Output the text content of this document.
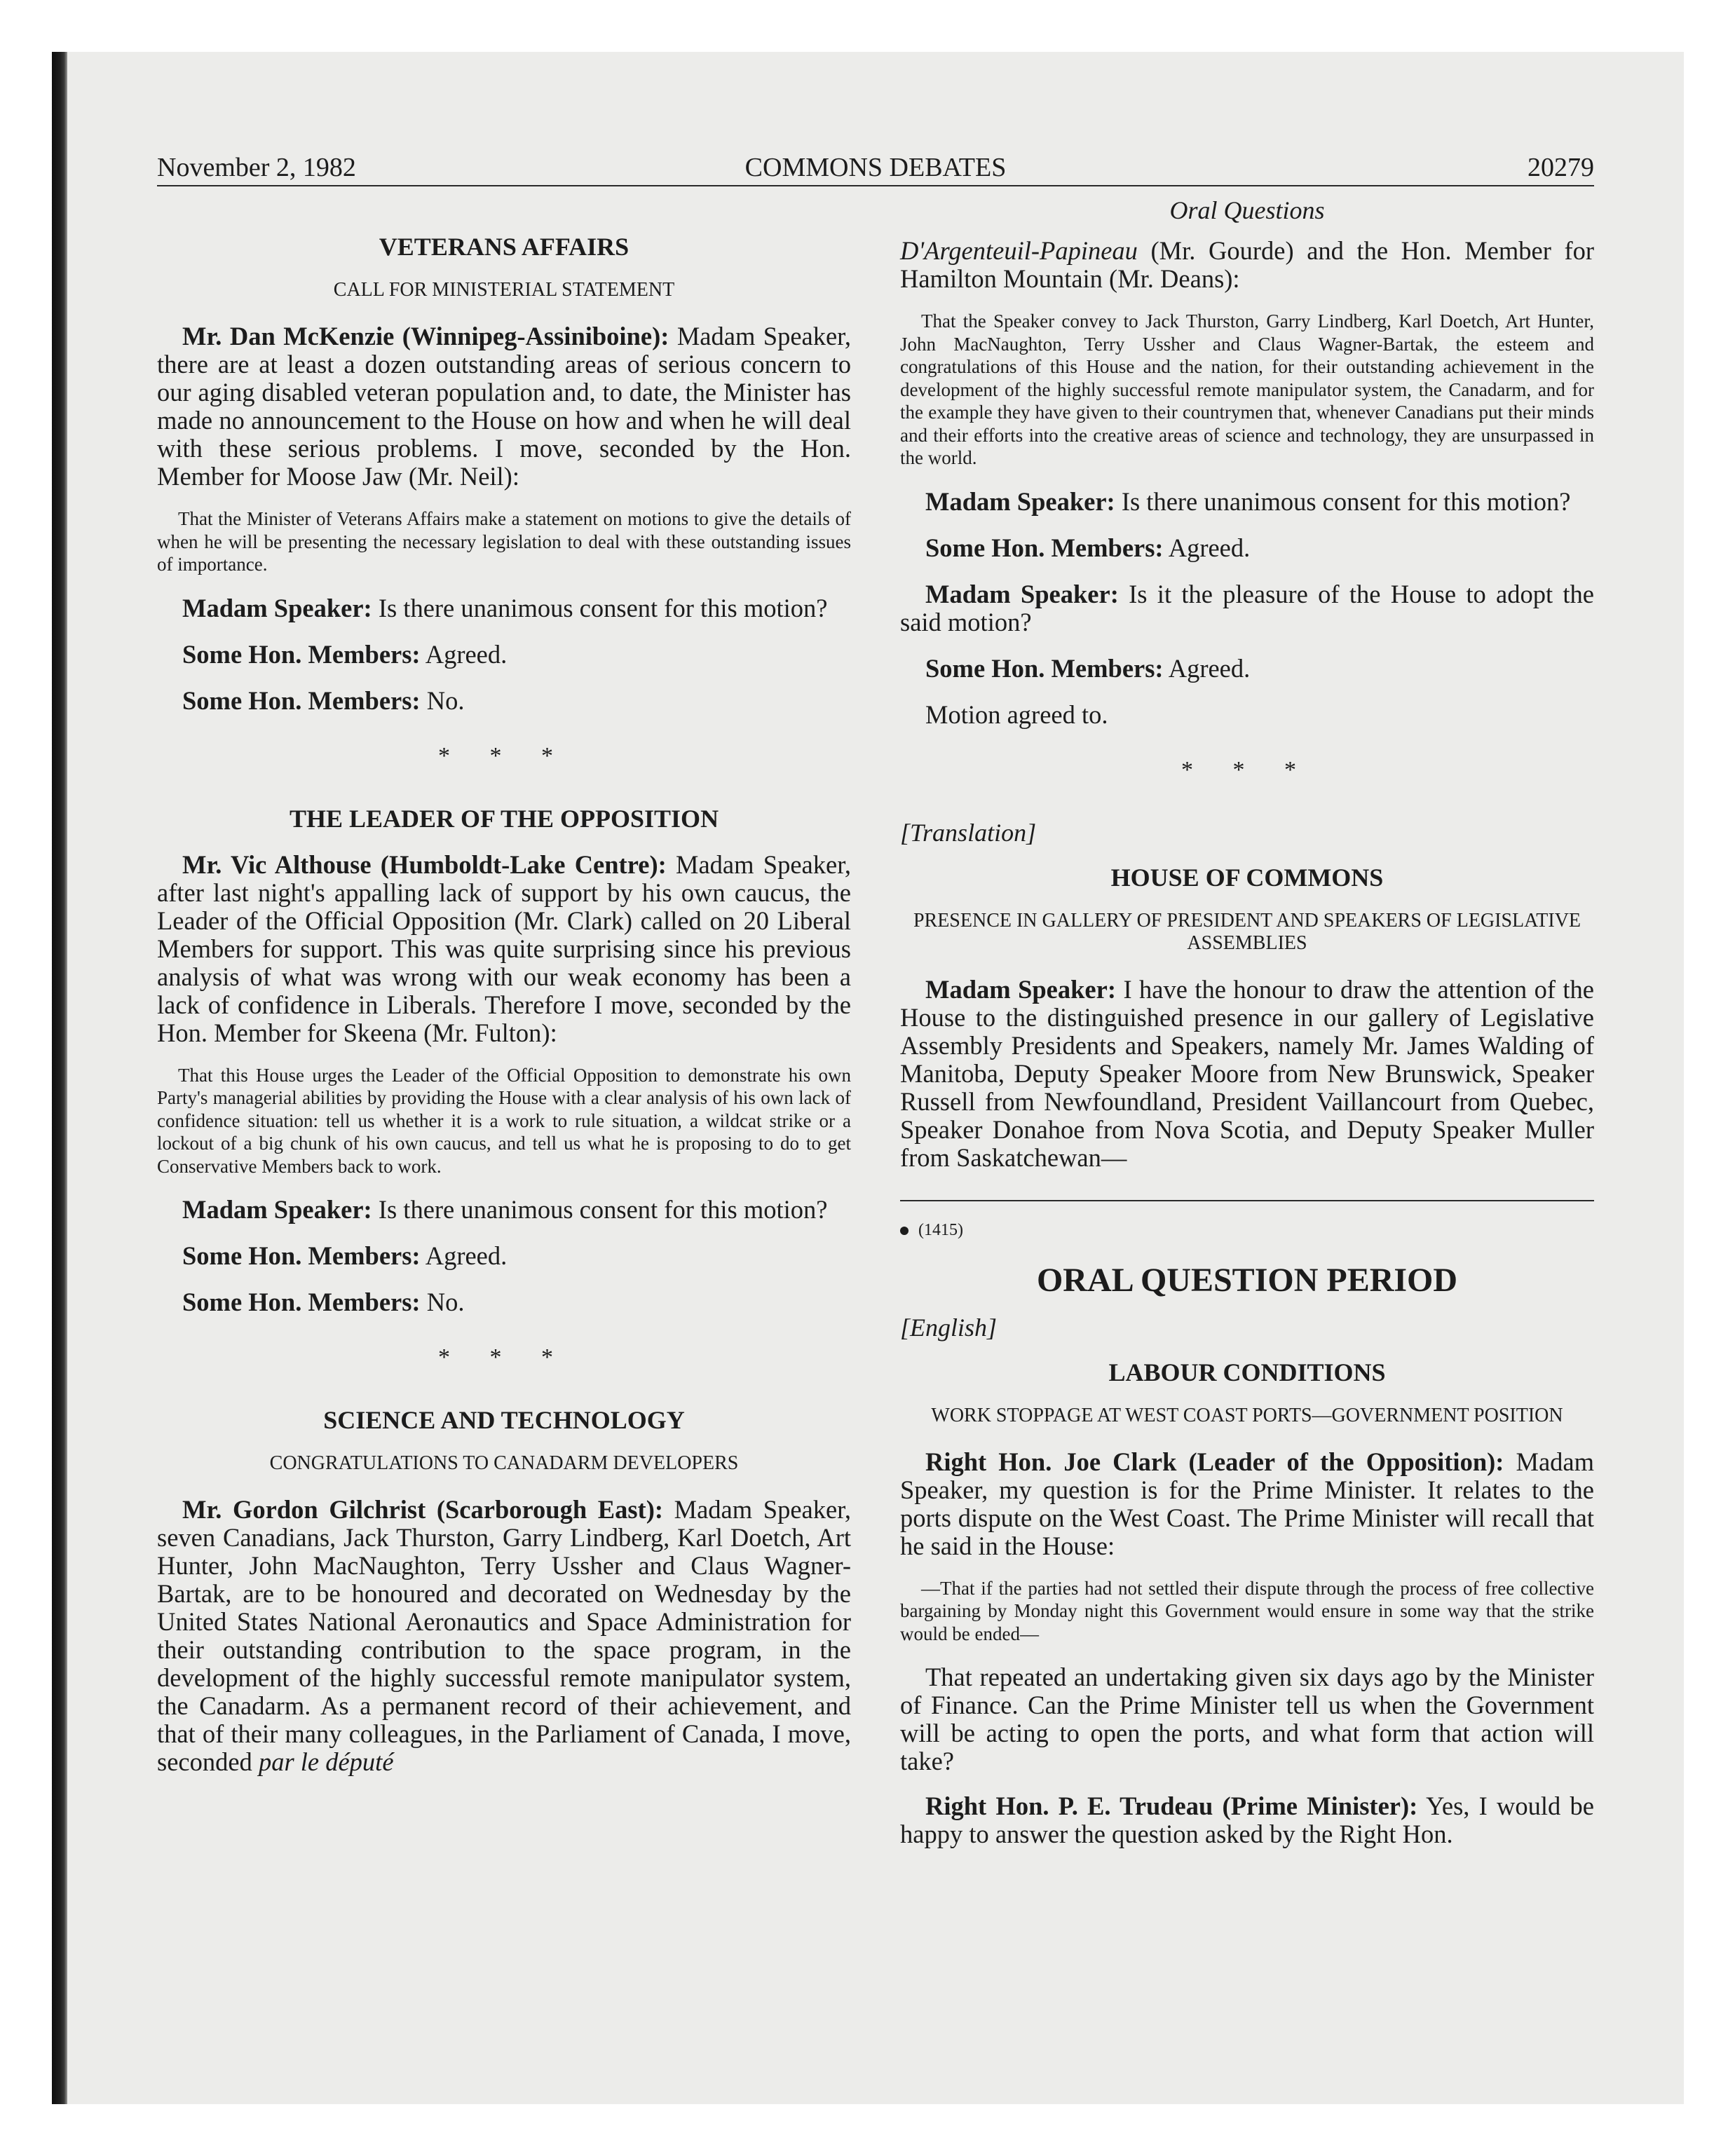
November 2, 1982	COMMONS DEBATES	20279
VETERANS AFFAIRS
CALL FOR MINISTERIAL STATEMENT

Mr. Dan McKenzie (Winnipeg-Assiniboine): Madam Speaker, there are at least a dozen outstanding areas of serious concern to our aging disabled veteran population and, to date, the Minister has made no announcement to the House on how and when he will deal with these serious problems. I move, seconded by the Hon. Member for Moose Jaw (Mr. Neil):

That the Minister of Veterans Affairs make a statement on motions to give the details of when he will be presenting the necessary legislation to deal with these outstanding issues of importance.

Madam Speaker: Is there unanimous consent for this motion?

Some Hon. Members: Agreed.

Some Hon. Members: No.

* * *
THE LEADER OF THE OPPOSITION

Mr. Vic Althouse (Humboldt-Lake Centre): Madam Speaker, after last night's appalling lack of support by his own caucus, the Leader of the Official Opposition (Mr. Clark) called on 20 Liberal Members for support. This was quite surprising since his previous analysis of what was wrong with our weak economy has been a lack of confidence in Liberals. Therefore I move, seconded by the Hon. Member for Skeena (Mr. Fulton):

That this House urges the Leader of the Official Opposition to demonstrate his own Party's managerial abilities by providing the House with a clear analysis of his own lack of confidence situation: tell us whether it is a work to rule situation, a wildcat strike or a lockout of a big chunk of his own caucus, and tell us what he is proposing to do to get Conservative Members back to work.

Madam Speaker: Is there unanimous consent for this motion?

Some Hon. Members: Agreed.

Some Hon. Members: No.

* * *
SCIENCE AND TECHNOLOGY
CONGRATULATIONS TO CANADARM DEVELOPERS

Mr. Gordon Gilchrist (Scarborough East): Madam Speaker, seven Canadians, Jack Thurston, Garry Lindberg, Karl Doetch, Art Hunter, John MacNaughton, Terry Ussher and Claus Wagner-Bartak, are to be honoured and decorated on Wednesday by the United States National Aeronautics and Space Administration for their outstanding contribution to the space program, in the development of the highly successful remote manipulator system, the Canadarm. As a permanent record of their achievement, and that of their many colleagues, in the Parliament of Canada, I move, seconded par le député

Oral Questions

D'Argenteuil-Papineau (Mr. Gourde) and the Hon. Member for Hamilton Mountain (Mr. Deans):

That the Speaker convey to Jack Thurston, Garry Lindberg, Karl Doetch, Art Hunter, John MacNaughton, Terry Ussher and Claus Wagner-Bartak, the esteem and congratulations of this House and the nation, for their outstanding achievement in the development of the highly successful remote manipulator system, the Canadarm, and for the example they have given to their countrymen that, whenever Canadians put their minds and their efforts into the creative areas of science and technology, they are unsurpassed in the world.

Madam Speaker: Is there unanimous consent for this motion?

Some Hon. Members: Agreed.

Madam Speaker: Is it the pleasure of the House to adopt the said motion?

Some Hon. Members: Agreed.

Motion agreed to.

* * *
[Translation]
HOUSE OF COMMONS
PRESENCE IN GALLERY OF PRESIDENT AND SPEAKERS OF LEGISLATIVE ASSEMBLIES

Madam Speaker: I have the honour to draw the attention of the House to the distinguished presence in our gallery of Legislative Assembly Presidents and Speakers, namely Mr. James Walding of Manitoba, Deputy Speaker Moore from New Brunswick, Speaker Russell from Newfoundland, President Vaillancourt from Quebec, Speaker Donahoe from Nova Scotia, and Deputy Speaker Muller from Saskatchewan—

(1415)
ORAL QUESTION PERIOD
[English]
LABOUR CONDITIONS
WORK STOPPAGE AT WEST COAST PORTS—GOVERNMENT POSITION

Right Hon. Joe Clark (Leader of the Opposition): Madam Speaker, my question is for the Prime Minister. It relates to the ports dispute on the West Coast. The Prime Minister will recall that he said in the House:

—That if the parties had not settled their dispute through the process of free collective bargaining by Monday night this Government would ensure in some way that the strike would be ended—

That repeated an undertaking given six days ago by the Minister of Finance. Can the Prime Minister tell us when the Government will be acting to open the ports, and what form that action will take?

Right Hon. P. E. Trudeau (Prime Minister): Yes, I would be happy to answer the question asked by the Right Hon.
